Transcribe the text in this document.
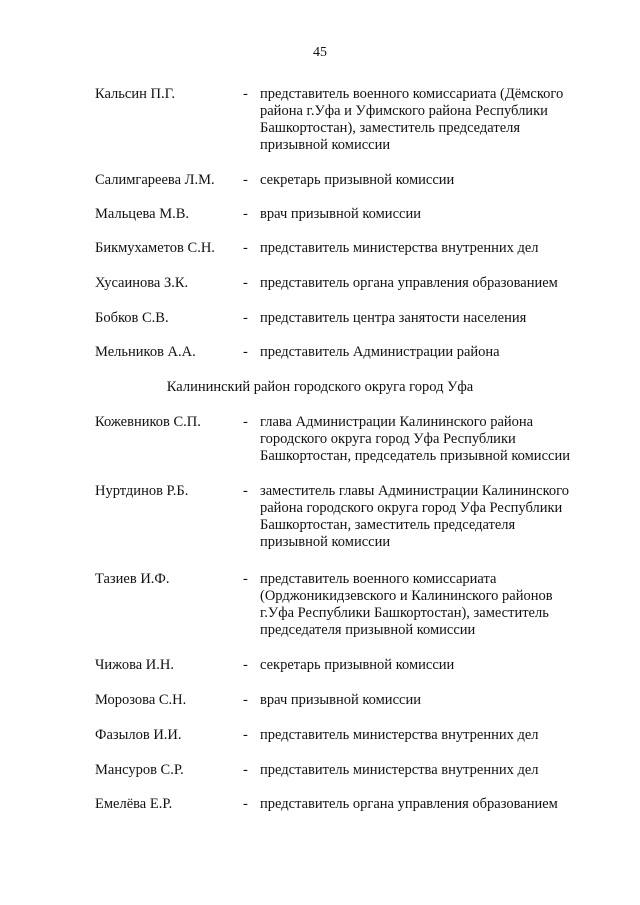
45
Кальсин П.Г.	- представитель военного комиссариата (Дёмского
района г.Уфа и Уфимского района Республики
Башкортостан), заместитель председателя
призывной комиссии
Салимгареева Л.М. - секретарь призывной комиссии
Мальцева М.В.	- врач призывной комиссии
Бикмухаметов С.Н. - представитель министерства внутренних дел
Хусаинова З.К.	- представитель органа управления образованием
Бобков С.В.	- представитель центра занятости населения
Мельников А.А.	- представитель Администрации района
Калининский район городского округа город Уфа
Кожевников С.П.	- глава Администрации Калининского района
городского округа город Уфа Республики
Башкортостан, председатель призывной комиссии
Нуртдинов Р.Б.	- заместитель главы Администрации Калининского
района городского округа город Уфа Республики
Башкортостан, заместитель председателя
призывной комиссии
Тазиев И.Ф.	- представитель военного комиссариата
(Орджоникидзевского и Калининского районов
г.Уфа Республики Башкортостан), заместитель
председателя призывной комиссии
Чижова И.Н.	- секретарь призывной комиссии
Морозова С.Н.	- врач призывной комиссии
Фазылов И.И.	- представитель министерства внутренних дел
Мансуров С.Р.	- представитель министерства внутренних дел
Емелёва Е.Р.	- представитель органа управления образованием
